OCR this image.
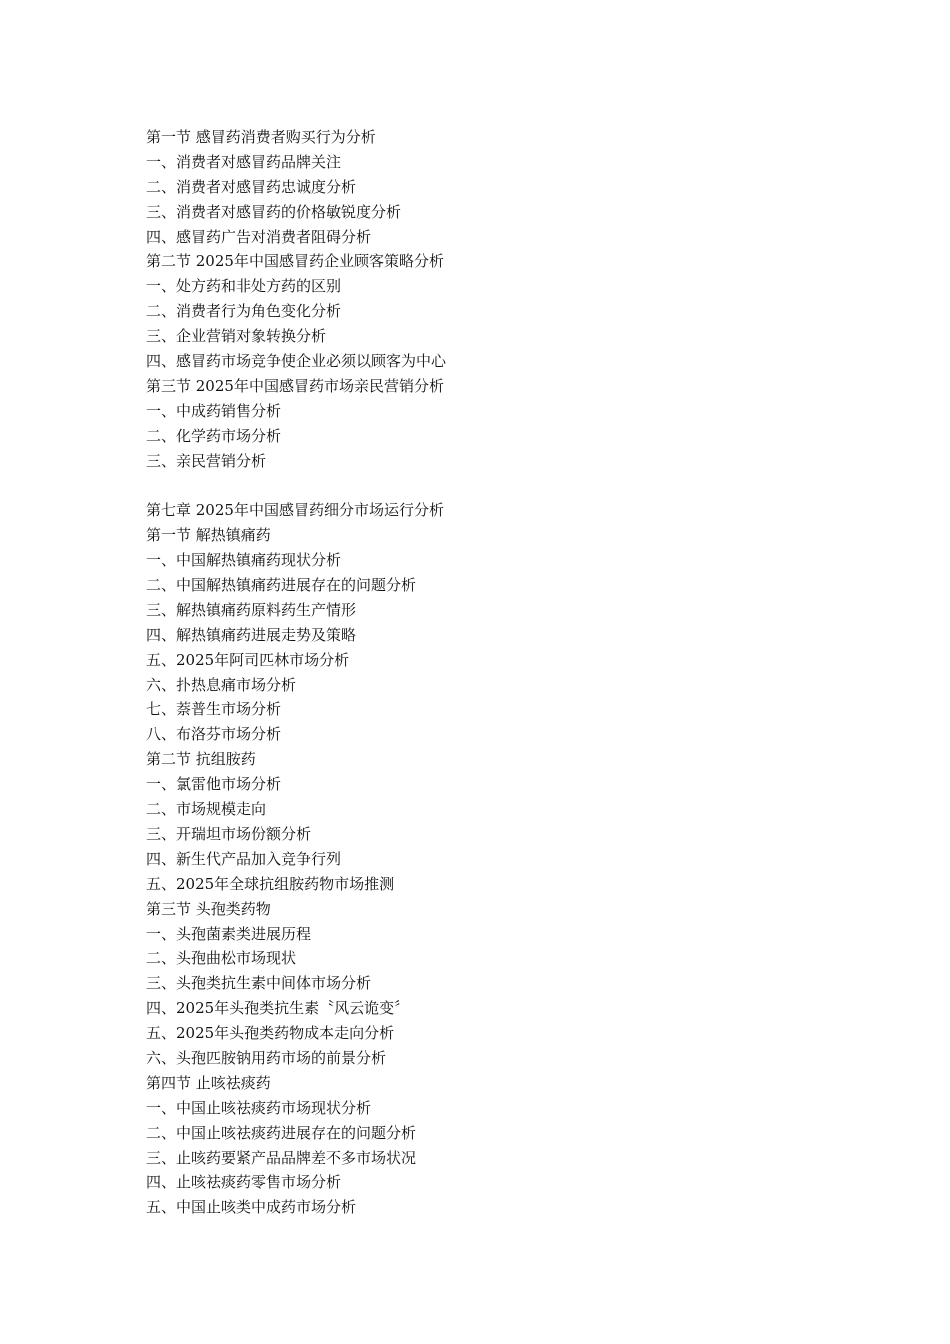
第一节 感冒药消费者购买行为分析
一、消费者对感冒药品牌关注
二、消费者对感冒药忠诚度分析
三、消费者对感冒药的价格敏锐度分析
四、感冒药广告对消费者阻碍分析
第二节 2025年中国感冒药企业顾客策略分析
一、处方药和非处方药的区别
二、消费者行为角色变化分析
三、企业营销对象转换分析
四、感冒药市场竞争使企业必须以顾客为中心
第三节 2025年中国感冒药市场亲民营销分析
一、中成药销售分析
二、化学药市场分析
三、亲民营销分析
第七章 2025年中国感冒药细分市场运行分析
第一节 解热镇痛药
一、中国解热镇痛药现状分析
二、中国解热镇痛药进展存在的问题分析
三、解热镇痛药原料药生产情形
四、解热镇痛药进展走势及策略
五、2025年阿司匹林市场分析
六、扑热息痛市场分析
七、萘普生市场分析
八、布洛芬市场分析
第二节 抗组胺药
一、氯雷他市场分析
二、市场规模走向
三、开瑞坦市场份额分析
四、新生代产品加入竞争行列
五、2025年全球抗组胺药物市场推测
第三节 头孢类药物
一、头孢菌素类进展历程
二、头孢曲松市场现状
三、头孢类抗生素中间体市场分析
四、2025年头孢类抗生素〝风云诡变〞
五、2025年头孢类药物成本走向分析
六、头孢匹胺钠用药市场的前景分析
第四节 止咳祛痰药
一、中国止咳祛痰药市场现状分析
二、中国止咳祛痰药进展存在的问题分析
三、止咳药要紧产品品牌差不多市场状况
四、止咳祛痰药零售市场分析
五、中国止咳类中成药市场分析
